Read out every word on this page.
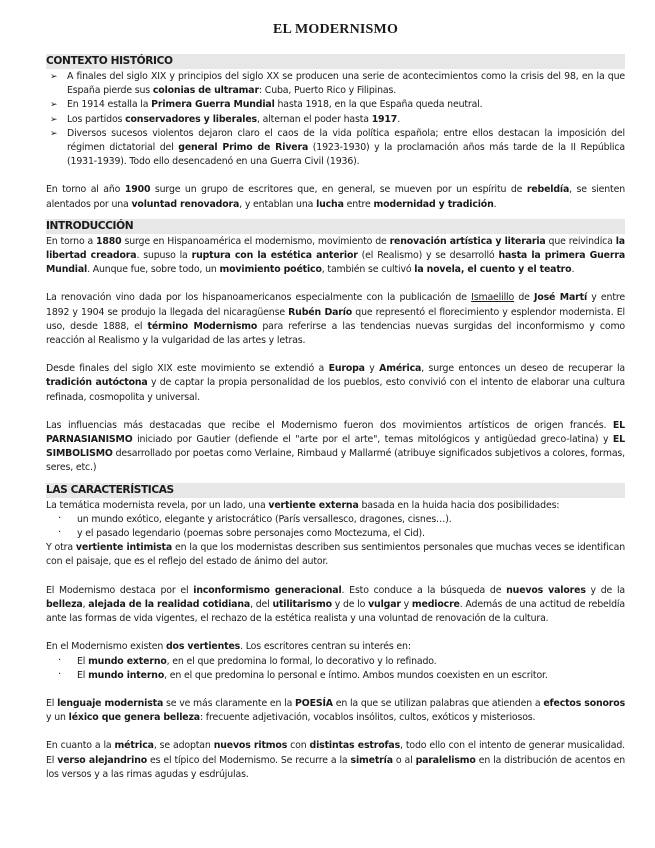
EL MODERNISMO
CONTEXTO HISTÓRICO
➢ A finales del siglo XIX y principios del siglo XX se producen una serie de acontecimientos como la crisis del 98, en la que España pierde sus colonias de ultramar: Cuba, Puerto Rico y Filipinas.
➢ En 1914 estalla la Primera Guerra Mundial hasta 1918, en la que España queda neutral.
➢ Los partidos conservadores y liberales, alternan el poder hasta 1917.
➢ Diversos sucesos violentos dejaron claro el caos de la vida política española; entre ellos destacan la imposición del régimen dictatorial del general Primo de Rivera (1923-1930) y la proclamación años más tarde de la II República (1931-1939). Todo ello desencadenó en una Guerra Civil (1936).

En torno al año 1900 surge un grupo de escritores que, en general, se mueven por un espíritu de rebeldía, se sienten alentados por una voluntad renovadora, y entablan una lucha entre modernidad y tradición.

INTRODUCCIÓN

En torno a 1880 surge en Hispanoamérica el modernismo, movimiento de renovación artística y literaria que reivindica la libertad creadora. supuso la ruptura con la estética anterior (el Realismo) y se desarrolló hasta la primera Guerra Mundial. Aunque fue, sobre todo, un movimiento poético, también se cultivó la novela, el cuento y el teatro.

La renovación vino dada por los hispanoamericanos especialmente con la publicación de Ismaelillo de José Martí y entre 1892 y 1904 se produjo la llegada del nicaragüense Rubén Darío que representó el florecimiento y esplendor modernista. El uso, desde 1888, el término Modernismo para referirse a las tendencias nuevas surgidas del inconformismo y como reacción al Realismo y la vulgaridad de las artes y letras.

Desde finales del siglo XIX este movimiento se extendió a Europa y América, surge entonces un deseo de recuperar la tradición autóctona y de captar la propia personalidad de los pueblos, esto convivió con el intento de elaborar una cultura refinada, cosmopolita y universal.

Las influencias más destacadas que recibe el Modernismo fueron dos movimientos artísticos de origen francés. EL PARNASIANISMO iniciado por Gautier (defiende el "arte por el arte", temas mitológicos y antigüedad greco-latina) y EL SIMBOLISMO desarrollado por poetas como Verlaine, Rimbaud y Mallarmé (atribuye significados subjetivos a colores, formas, seres, etc.)

LAS CARACTERÍSTICAS

La temática modernista revela, por un lado, una vertiente externa basada en la huida hacia dos posibilidades:

· un mundo exótico, elegante y aristocrático (París versallesco, dragones, cisnes…).
· y el pasado legendario (poemas sobre personajes como Moctezuma, el Cid).

Y otra vertiente intimista en la que los modernistas describen sus sentimientos personales que muchas veces se identifican con el paisaje, que es el reflejo del estado de ánimo del autor.

El Modernismo destaca por el inconformismo generacional. Esto conduce a la búsqueda de nuevos valores y de la belleza, alejada de la realidad cotidiana, del utilitarismo y de lo vulgar y mediocre. Además de una actitud de rebeldía ante las formas de vida vigentes, el rechazo de la estética realista y una voluntad de renovación de la cultura.

En el Modernismo existen dos vertientes. Los escritores centran su interés en:

· El mundo externo, en el que predomina lo formal, lo decorativo y lo refinado.
· El mundo interno, en el que predomina lo personal e íntimo. Ambos mundos coexisten en un escritor.

El lenguaje modernista se ve más claramente en la POESÍA en la que se utilizan palabras que atienden a efectos sonoros y un léxico que genera belleza: frecuente adjetivación, vocablos insólitos, cultos, exóticos y misteriosos.

En cuanto a la métrica, se adoptan nuevos ritmos con distintas estrofas, todo ello con el intento de generar musicalidad. El verso alejandrino es el típico del Modernismo. Se recurre a la simetría o al paralelismo en la distribución de acentos en los versos y a las rimas agudas y esdrújulas.
